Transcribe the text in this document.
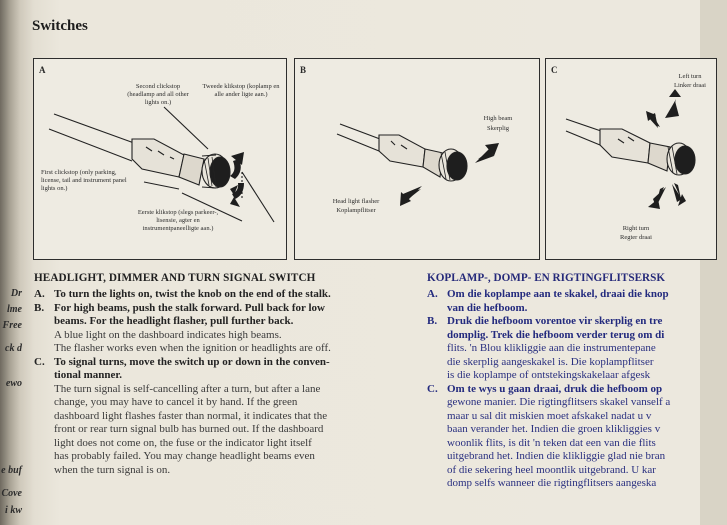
Dr
lme
Free
ck d
ewo
e buf
Cove
i kw
Switches
A
Second clickstop (headlamp and all other lights on.)
Tweede klikstop (koplamp en alle ander ligte aan.)
First clickstop (only parking, license, tail and instrument panel lights on.)
Eerste klikstop (slegs parkeer-, lisensie, agter en instrumentpaneelligte aan.)
B
High beam
Skerplig
Head light flasher
Koplampflitser
C
Left turn
Linker draai
Right turn
Regter draai
HEADLIGHT, DIMMER AND TURN SIGNAL SWITCH
A. To turn the lights on, twist the knob on the end of the stalk.
B. For high beams, push the stalk forward. Pull back for low
beams. For the headlight flasher, pull further back.
A blue light on the dashboard indicates high beams.
The flasher works even when the ignition or headlights are off.
C. To signal turns, move the switch up or down in the conven-
tional manner.
The turn signal is self-cancelling after a turn, but after a lane
change, you may have to cancel it by hand. If the green
dashboard light flashes faster than normal, it indicates that the
front or rear turn signal bulb has burned out. If the dashboard
light does not come on, the fuse or the indicator light itself
has probably failed. You may change headlight beams even
when the turn signal is on.
KOPLAMP-, DOMP- EN RIGTINGFLITSERSK
A. Om die koplampe aan te skakel, draai die knop
van die hefboom.
B. Druk die hefboom vorentoe vir skerplig en tre
domplig. Trek die hefboom verder terug om di
flits. 'n Blou klikliggie aan die instrumentepane
die skerplig aangeskakel is. Die koplampflitser
is die koplampe of ontstekingskakelaar afgesk
C. Om te wys u gaan draai, druk die hefboom op
gewone manier. Die rigtingflitsers skakel vanself a
maar u sal dit miskien moet afskakel nadat u v
baan verander het. Indien die groen klikliggies v
woonlik flits, is dit 'n teken dat een van die flits
uitgebrand het. Indien die klikliggie glad nie bran
of die sekering heel moontlik uitgebrand. U kar
domp selfs wanneer die rigtingflitsers aangeska
